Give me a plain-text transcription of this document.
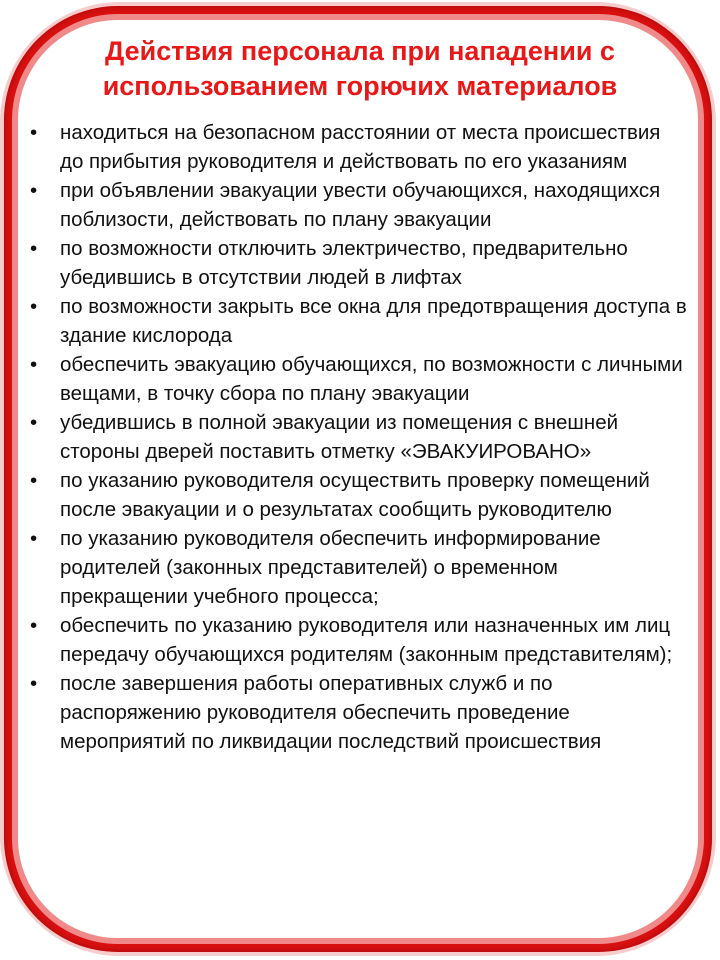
Действия персонала при нападении с использованием горючих материалов
• находиться на безопасном расстоянии от места происшествия до прибытия руководителя и действовать по его указаниям
• при объявлении эвакуации увести обучающихся, находящихся поблизости, действовать по плану эвакуации
• по возможности отключить электричество, предварительно убедившись в отсутствии людей в лифтах
• по возможности закрыть все окна для предотвращения доступа в здание кислорода
• обеспечить эвакуацию обучающихся, по возможности с личными вещами, в точку сбора по плану эвакуации
• убедившись в полной эвакуации из помещения с внешней стороны дверей поставить отметку «ЭВАКУИРОВАНО»
• по указанию руководителя осуществить проверку помещений после эвакуации и о результатах сообщить руководителю
• по указанию руководителя обеспечить информирование родителей (законных представителей) о временном прекращении учебного процесса;
• обеспечить по указанию руководителя или назначенных им лиц передачу обучающихся родителям (законным представителям);
• после завершения работы оперативных служб и по распоряжению руководителя обеспечить проведение мероприятий по ликвидации последствий происшествия
